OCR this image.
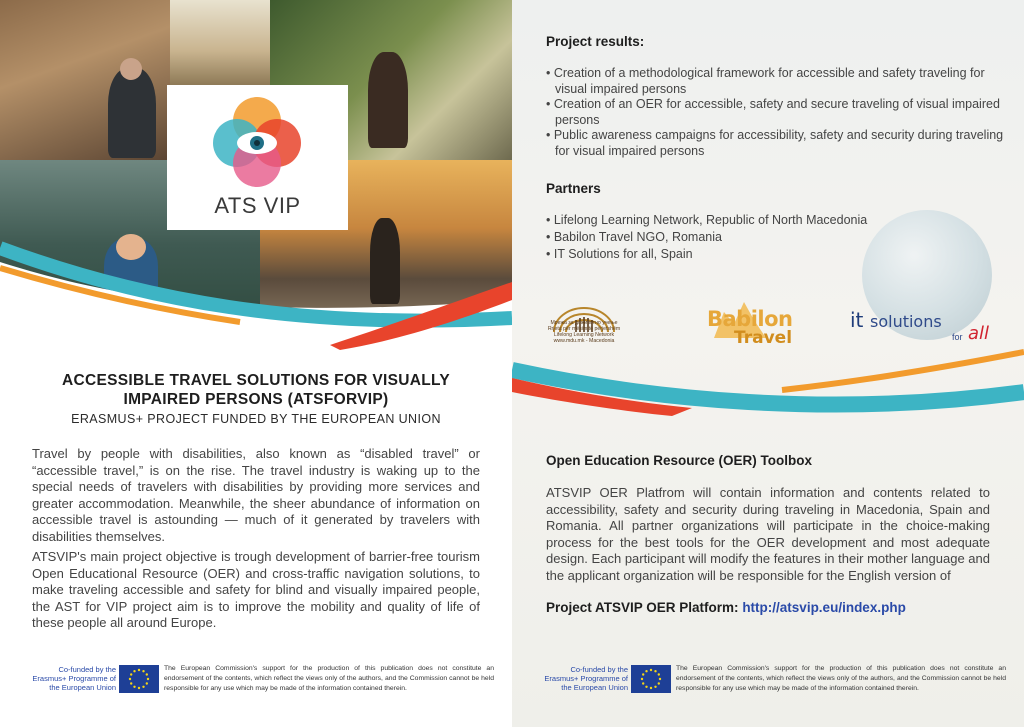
ATS VIP
ACCESSIBLE TRAVEL SOLUTIONS FOR VISUALLY IMPAIRED PERSONS (ATSFORVIP)
ERASMUS+ PROJECT FUNDED BY THE EUROPEAN UNION

Travel by people with disabilities, also known as “disabled travel” or “accessible travel,” is on the rise. The travel industry is waking up to the special needs of travelers with disabilities by providing more services and greater accommodation. Meanwhile, the sheer abundance of information on accessible travel is astounding — much of it generated by travelers with disabilities themselves.

ATSVIP's main project objective is trough development of barrier-free tourism Open Educational Resource (OER) and cross-traffic navigation solutions, to make traveling accessible and safety for blind and visually impaired people, the AST for VIP project aim is to improve the mobility and quality of life of these people all around Europe.

Co-funded by the Erasmus+ Programme of the European Union
The European Commission's support for the production of this publication does not constitute an endorsement of the contents, which reflect the views only of the authors, and the Commission cannot be held responsible for any use which may be made of the information contained therein.
Project results:
• Creation of a methodological framework for accessible and safety traveling for visual impaired persons
• Creation of an OER for accessible, safety and secure traveling of visual impaired persons
• Public awareness campaigns for accessibility, safety and security during traveling for visual impaired persons
Partners
• Lifelong Learning Network, Republic of North Macedonia
• Babilon Travel NGO, Romania
• IT Solutions for all, Spain
Мрежа за доживотно учење Rrjeta për mësim të përjetshëm Lifelong Learning Network www.mdu.mk - Macedonia
Babilon
Travel
it solutions
for all
Open Education Resource (OER) Toolbox

ATSVIP OER Platfrom will contain information and contents related to accessibility, safety and security during traveling in Macedonia, Spain and Romania. All partner organizations will participate in the choice-making process for the best tools for the OER development and most adequate design. Each participant will modify the features in their mother language and the applicant organization will be responsible for the English version of

Project ATSVIP OER Platform: http://atsvip.eu/index.php
Co-funded by the Erasmus+ Programme of the European Union
The European Commission's support for the production of this publication does not constitute an endorsement of the contents, which reflect the views only of the authors, and the Commission cannot be held responsible for any use which may be made of the information contained therein.
